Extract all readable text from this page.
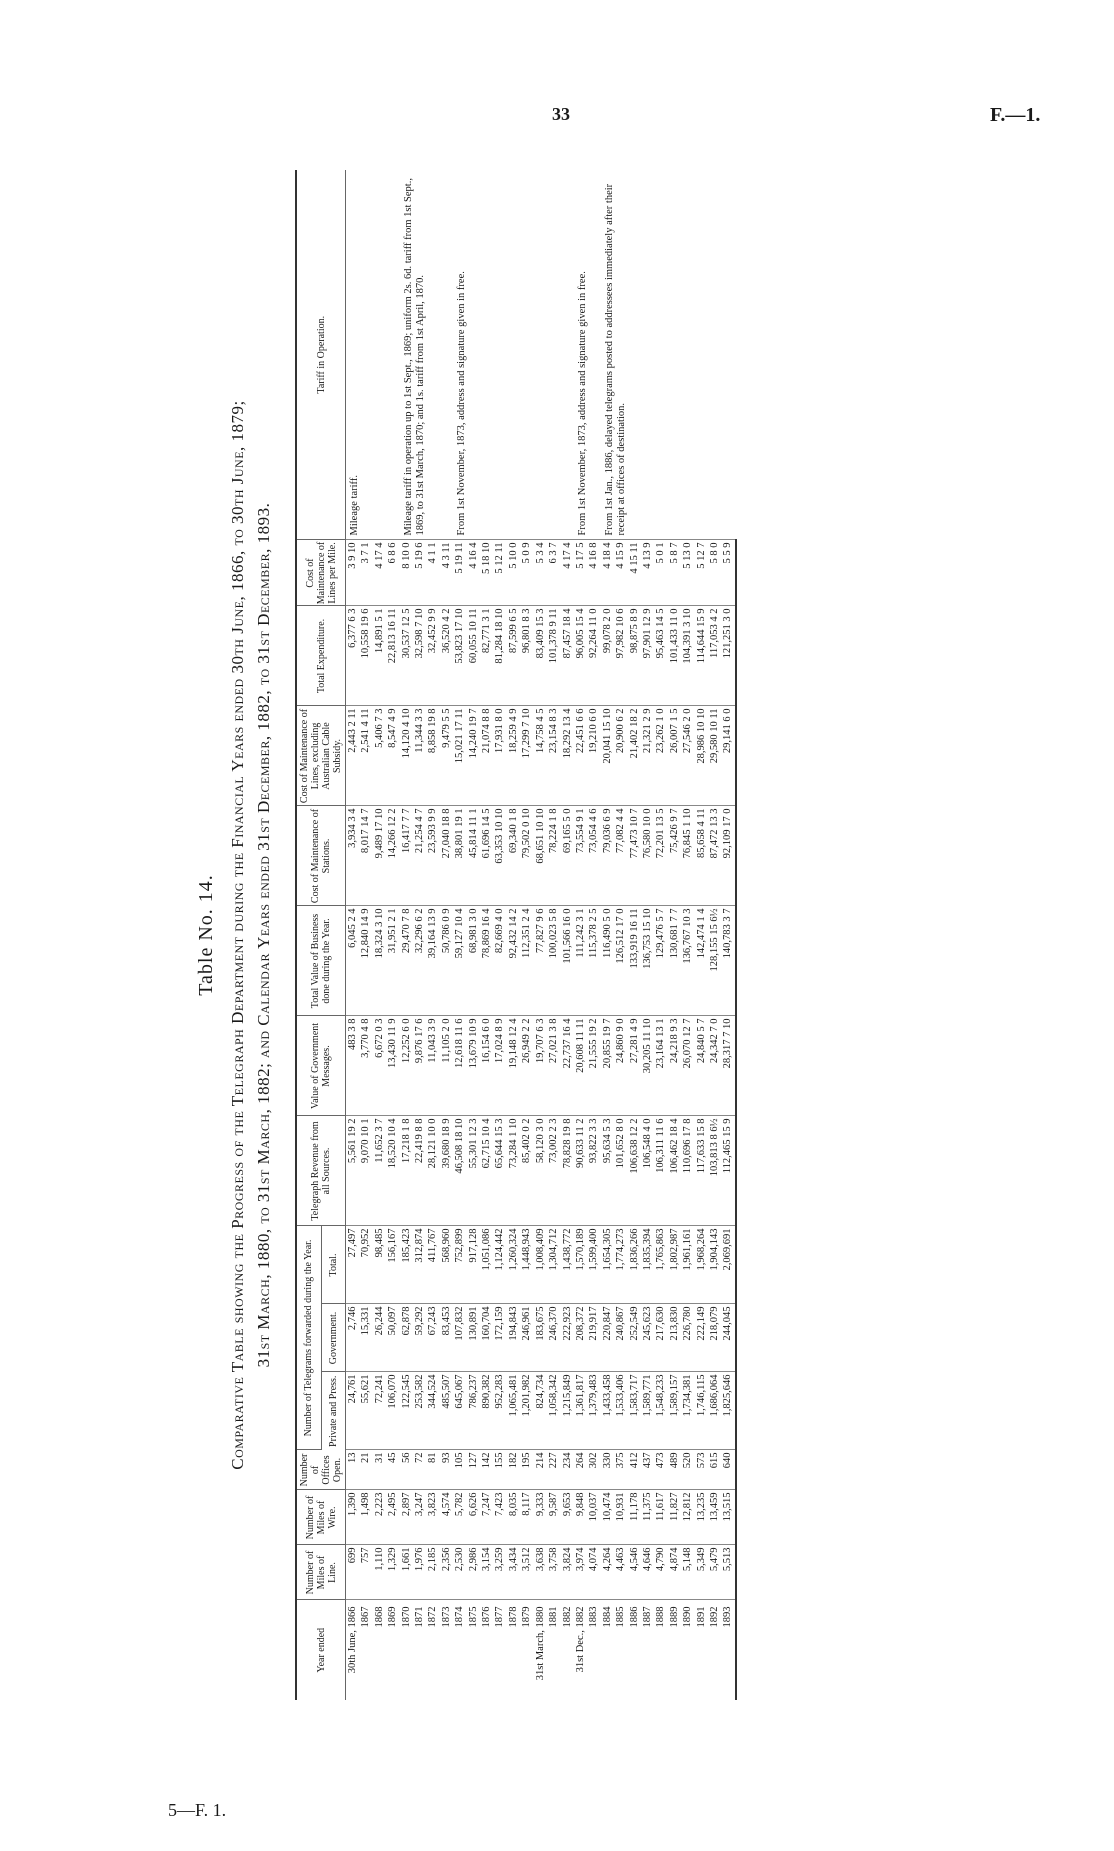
33	F.—1.
5—F. 1.
Table No. 14. Comparative Table showing the Progress of the Telegraph Department during the Financial Years ended 30th June, 1866, to 30th June, 1879; 31st March, 1880, to 31st March, 1882; and Calendar Years ended 31st December, 1882, to 31st December, 1893.
Year ended	Number of Miles of Line.	Number of Miles of Wire.	Number of Offices Open.	Number of Telegrams forwarded during the Year.			Telegraph Revenue from all Sources.	Value of Government Messages.	Total Value of Business done during the Year.	Cost of Maintenance of Stations.	Cost of Maintenance of Lines, excluding Australian Cable Subsidy.	Total Expenditure.	Cost of Maintenance of Lines per Mile.	Tariff in Operation.
				Private and Press.	Government.	Total.								
30th June, 1866	699	1,390	13	24,761	2,746	27,497	5,561 19 2	483 3 8	6,045 2 4	3,934 3 4	2,443 2 11	6,377 6 3	3 9 10	Mileage tariff.
1867	757	1,498	21	55,621	15,331	70,952	9,070 10 1	3,770 4 8	12,840 14 9	8,017 14 7	2,541 4 11	10,558 19 6	3 7 1	
1868	1,110	2,223	31	72,241	26,244	98,485	11,652 3 7	6,672 0 3	18,324 3 10	9,489 17 10	5,406 7 3	14,891 5 1	4 17 4	
1869	1,329	2,495	45	106,070	50,097	156,167	18,520 10 4	13,430 11 9	31,951 2 1	14,266 12 2	8,547 4 9	22,813 16 11	6 8 6	
1870	1,661	2,897	56	122,545	62,878	185,423	17,218 1 8	12,252 6 0	29,470 7 8	16,417 7 7	14,120 4 10	30,537 12 5	8 10 0	Mileage tariff in operation up to 1st Sept., 1869; uniform 2s. 6d. tariff from 1st Sept., 1869, to 31st March, 1870; and 1s. tariff from 1st April, 1870.
1871	1,976	3,247	72	253,582	59,292	312,874	22,419 8 8	9,876 17 6	32,296 6 2	21,254 4 7	11,344 3 3	32,598 7 10	5 19 6	
1872	2,185	3,823	81	344,524	67,243	411,767	28,121 10 0	11,043 3 9	39,164 13 9	23,593 9 9	8,858 19 8	32,452 9 9	4 1 1	
1873	2,356	4,574	93	485,507	83,453	568,960	39,680 18 9	11,105 2 0	50,786 0 9	27,040 18 8	9,479 5 5	36,520 4 2	4 3 11	
1874	2,530	5,782	105	645,067	107,832	752,899	46,508 18 10	12,618 11 6	59,127 10 4	38,801 19 1	15,021 17 11	53,823 17 10	5 19 11	From 1st November, 1873, address and signature given in free.
1875	2,986	6,626	127	786,237	130,891	917,128	55,301 12 3	13,679 10 9	68,981 3 0	45,814 11 1	14,240 19 7	60,055 10 11	4 16 4	
1876	3,154	7,247	142	890,382	160,704	1,051,086	62,715 10 4	16,154 6 0	78,869 16 4	61,696 14 5	21,074 8 8	82,771 3 1	5 18 10	
1877	3,259	7,423	155	952,283	172,159	1,124,442	65,644 15 3	17,024 8 9	82,669 4 0	63,353 10 10	17,931 8 0	81,284 18 10	5 12 11	
1878	3,434	8,035	182	1,065,481	194,843	1,260,324	73,284 1 10	19,148 12 4	92,432 14 2	69,340 1 8	18,259 4 9	87,599 6 5	5 10 0	
1879	3,512	8,117	195	1,201,982	246,961	1,448,943	85,402 0 2	26,949 2 2	112,351 2 4	79,502 0 10	17,299 7 10	96,801 8 3	5 0 9	
31st March, 1880	3,638	9,333	214	824,734	183,675	1,008,409	58,120 3 0	19,707 6 3	77,827 9 6	68,651 10 10	14,758 4 5	83,409 15 3	5 3 4	
1881	3,758	9,587	227	1,058,342	246,370	1,304,712	73,002 2 3	27,021 3 8	100,023 5 8	78,224 1 8	23,154 8 3	101,378 9 11	6 3 7	
1882	3,824	9,653	234	1,215,849	222,923	1,438,772	78,828 19 8	22,737 16 4	101,566 16 0	69,165 5 0	18,292 13 4	87,457 18 4	4 17 4	
31st Dec., 1882	3,974	9,848	264	1,361,817	208,372	1,570,189	90,633 11 2	20,608 11 11	111,242 3 1	73,554 9 1	22,451 6 6	96,005 15 4	5 17 5	From 1st November, 1873, address and signature given in free.
1883	4,074	10,037	302	1,379,483	219,917	1,599,400	93,822 3 3	21,555 19 2	115,378 2 5	73,054 4 6	19,210 6 0	92,264 11 0	4 16 8	
1884	4,264	10,474	330	1,433,458	220,847	1,654,305	95,634 5 3	20,855 19 7	116,490 5 0	79,036 6 9	20,041 15 10	99,078 2 0	4 18 4	From 1st Jan., 1886, delayed telegrams posted to addressees immediately after their receipt at offices of destination.
1885	4,463	10,931	375	1,533,406	240,867	1,774,273	101,652 8 0	24,860 9 0	126,512 17 0	77,082 4 4	20,900 6 2	97,982 10 6	4 15 9	
1886	4,546	11,178	412	1,583,717	252,549	1,836,266	106,638 12 2	27,281 4 9	133,919 16 11	77,473 10 7	21,402 18 2	98,875 8 9	4 15 11	
1887	4,646	11,375	437	1,589,771	245,623	1,835,394	106,548 4 0	30,205 11 10	136,753 15 10	76,580 10 0	21,321 2 9	97,901 12 9	4 13 9	
1888	4,790	11,617	473	1,548,233	217,630	1,765,863	106,311 11 6	23,164 13 1	129,476 5 7	72,201 13 5	23,262 1 0	95,463 14 5	5 0 1	
1889	4,874	11,827	489	1,589,157	213,830	1,802,987	106,462 18 4	24,218 9 3	130,681 7 7	75,426 9 7	26,007 1 5	101,433 11 0	5 8 7	
1890	5,148	12,812	520	1,734,381	226,780	1,961,161	110,696 17 8	26,070 12 7	136,767 10 3	76,845 1 10	27,546 2 0	104,391 3 10	5 13 0	
1891	5,349	13,235	573	1,746,115	222,149	1,968,264	117,633 15 8	24,840 5 7	142,474 1 4	85,658 4 11	28,986 10 10	114,644 15 9	5 12 7	
1892	5,479	13,459	615	1,686,064	218,079	1,904,143	103,813 8 6½	24,342 7 0	128,155 15 6½	87,472 13 3	29,580 10 11	117,053 4 2	5 8 0	
1893	5,513	13,515	640	1,825,646	244,045	2,069,691	112,465 15 9	28,317 7 10	140,783 3 7	92,109 17 0	29,141 6 0	121,251 3 0	5 5 9	
